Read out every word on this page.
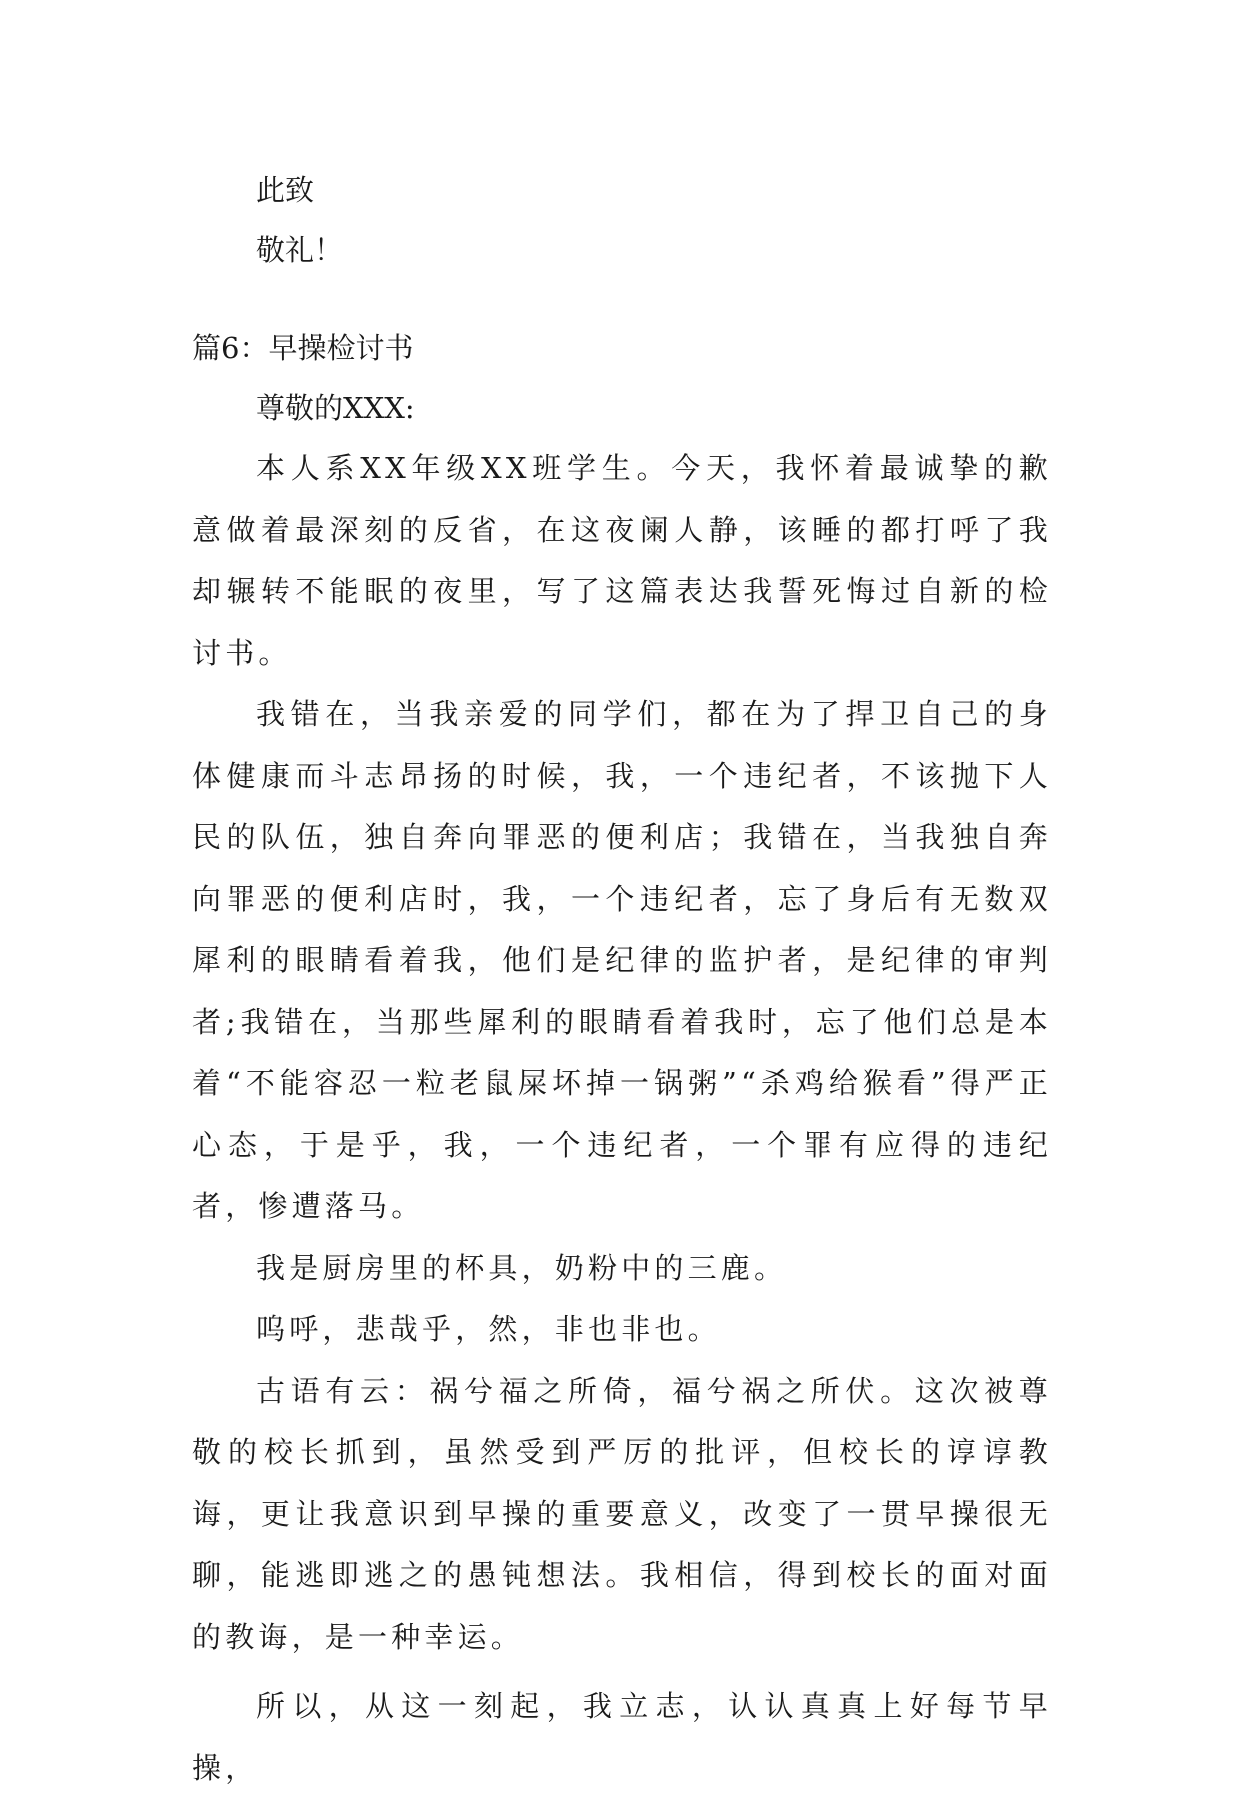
此致

敬礼！

篇6：早操检讨书

尊敬的XXX:

本人系XX年级XX班学生。今天，我怀着最诚挚的歉意做着最深刻的反省，在这夜阑人静，该睡的都打呼了我却辗转不能眠的夜里，写了这篇表达我誓死悔过自新的检讨书。
我错在，当我亲爱的同学们，都在为了捍卫自己的身体健康而斗志昂扬的时候，我，一个违纪者，不该抛下人民的队伍，独自奔向罪恶的便利店；我错在，当我独自奔向罪恶的便利店时，我，一个违纪者，忘了身后有无数双犀利的眼睛看着我，他们是纪律的监护者，是纪律的审判者;我错在，当那些犀利的眼睛看着我时，忘了他们总是本着“不能容忍一粒老鼠屎坏掉一锅粥”“杀鸡给猴看”得严正心态，于是乎，我，一个违纪者，一个罪有应得的违纪者，惨遭落马。
我是厨房里的杯具，奶粉中的三鹿。
呜呼，悲哉乎，然，非也非也。
古语有云：祸兮福之所倚，福兮祸之所伏。这次被尊敬的校长抓到，虽然受到严厉的批评，但校长的谆谆教诲，更让我意识到早操的重要意义，改变了一贯早操很无聊，能逃即逃之的愚钝想法。我相信，得到校长的面对面的教诲，是一种幸运。
所以，从这一刻起，我立志，认认真真上好每节早操，
